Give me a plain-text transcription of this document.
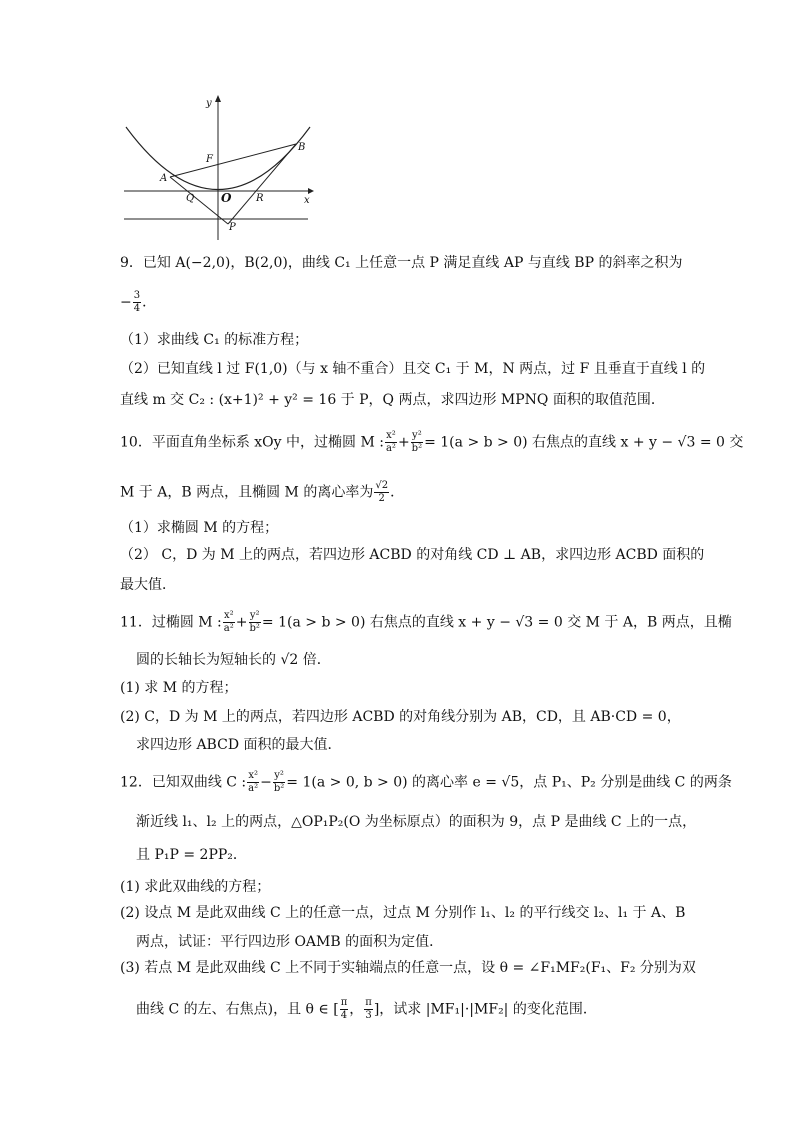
y
x
O
F
A
B
Q	R
P
9．已知 A(−2,0)，B(2,0)，曲线 C₁ 上任意一点 P 满足直线 AP 与直线 BP 的斜率之积为
− $\frac{3}{4}$ ．
（1）求曲线 C₁ 的标准方程；
（2）已知直线 l 过 F(1,0)（与 x 轴不重合）且交 C₁ 于 M，N 两点，过 F 且垂直于直线 l 的
直线 m 交 C₂ : (x+1)² + y² = 16 于 P，Q 两点，求四边形 MPNQ 面积的取值范围．
10．平面直角坐标系 xOy 中，过椭圆 M : $\frac{\text{x²}}{\text{a²}} + \frac{\text{y²}}{\text{b²}} = 1(a > b > 0)$ 右焦点的直线 x + y − √3 = 0 交
M 于 A，B 两点，且椭圆 M 的离心率为 $\frac{√2}{2}$ ．
（1）求椭圆 M 的方程；
（2） C，D 为 M 上的两点，若四边形 ACBD 的对角线 CD ⊥ AB，求四边形 ACBD 面积的
最大值．
11．过椭圆 M : $\frac{\text{x²}}{\text{a²}} + \frac{\text{y²}}{\text{b²}} = 1(a > b > 0)$ 右焦点的直线 x + y − √3 = 0 交 M 于 A，B 两点，且椭
圆的长轴长为短轴长的 √2 倍．
(1) 求 M 的方程；
(2) C，D 为 M 上的两点，若四边形 ACBD 的对角线分别为 AB，CD，且 AB·CD = 0，
求四边形 ABCD 面积的最大值．
12．已知双曲线 C : $\frac{\text{x²}}{\text{a²}} - \frac{\text{y²}}{\text{b²}} = 1(a > 0$, b > 0) 的离心率 e = √5，点 P₁、P₂ 分别是曲线 C 的两条
渐近线 l₁、l₂ 上的两点，△OP₁P₂(O 为坐标原点）的面积为 9，点 P 是曲线 C 上的一点，
且 P₁P = 2PP₂．
(1) 求此双曲线的方程；
(2) 设点 M 是此双曲线 C 上的任意一点，过点 M 分别作 l₁、l₂ 的平行线交 l₂、l₁ 于 A、B
两点，试证：平行四边形 OAMB 的面积为定值．
(3) 若点 M 是此双曲线 C 上不同于实轴端点的任意一点，设 θ = ∠F₁MF₂(F₁、F₂ 分别为双
曲线 C 的左、右焦点)，且 θ ∈ [ $\frac{\pi}{4}$ ， $\frac{\pi}{3}$ ]，试求 |MF₁|·|MF₂| 的变化范围．
